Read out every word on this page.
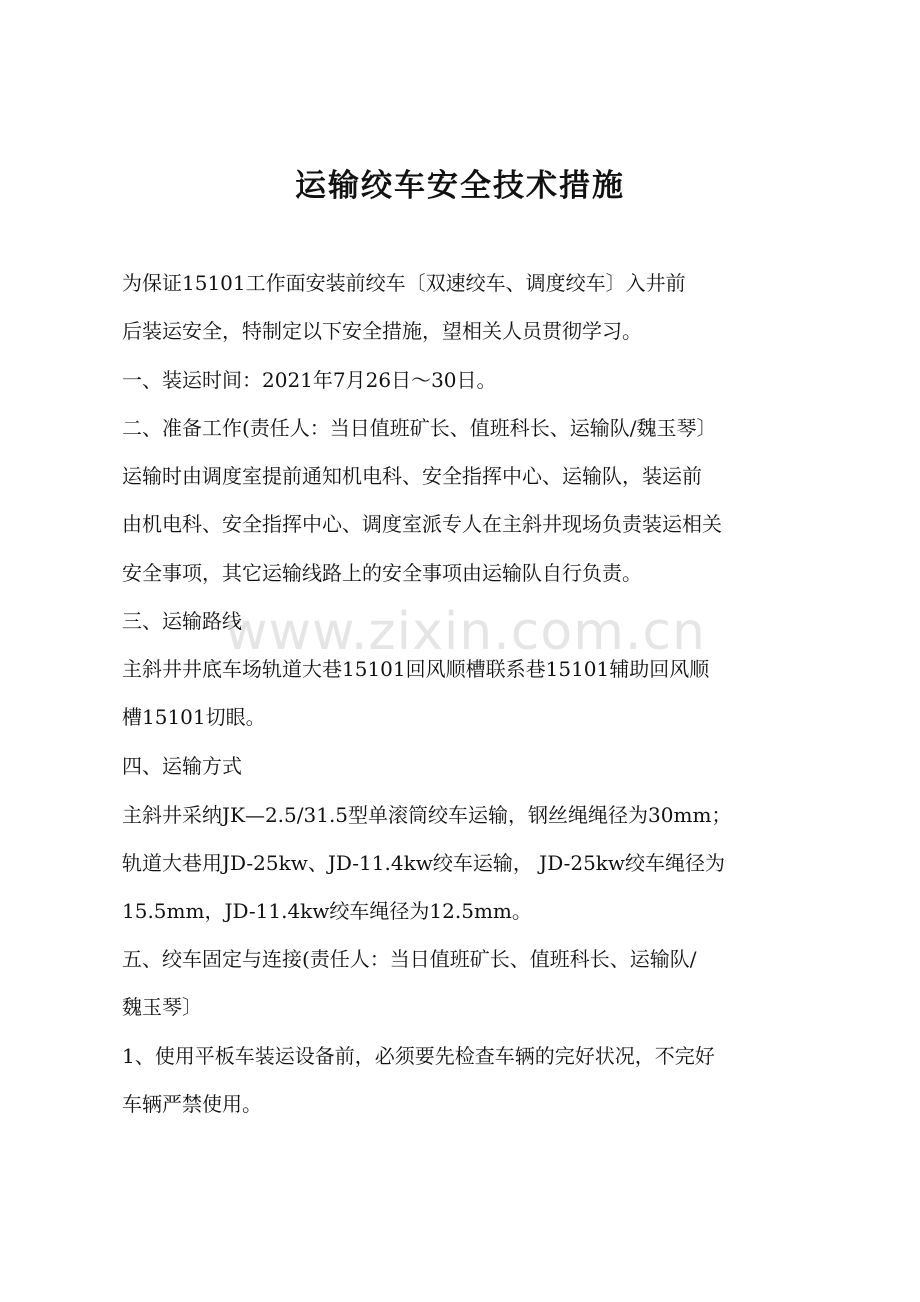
运输绞车安全技术措施
为保证15101工作面安装前绞车〔双速绞车、调度绞车〕入井前
后装运安全，特制定以下安全措施，望相关人员贯彻学习。
一、装运时间：2021年7月26日～30日。
二、准备工作(责任人：当日值班矿长、值班科长、运输队/魏玉琴〕
运输时由调度室提前通知机电科、安全指挥中心、运输队，装运前
由机电科、安全指挥中心、调度室派专人在主斜井现场负责装运相关
安全事项，其它运输线路上的安全事项由运输队自行负责。
三、运输路线
主斜井井底车场轨道大巷15101回风顺槽联系巷15101辅助回风顺
槽15101切眼。
四、运输方式
主斜井采纳JK—2.5/31.5型单滚筒绞车运输，钢丝绳绳径为30mm；
轨道大巷用JD-25kw、JD-11.4kw绞车运输， JD-25kw绞车绳径为
15.5mm，JD-11.4kw绞车绳径为12.5mm。
五、绞车固定与连接(责任人：当日值班矿长、值班科长、运输队/
魏玉琴〕
1、使用平板车装运设备前，必须要先检查车辆的完好状况，不完好
车辆严禁使用。
www.zixin.com.cn
